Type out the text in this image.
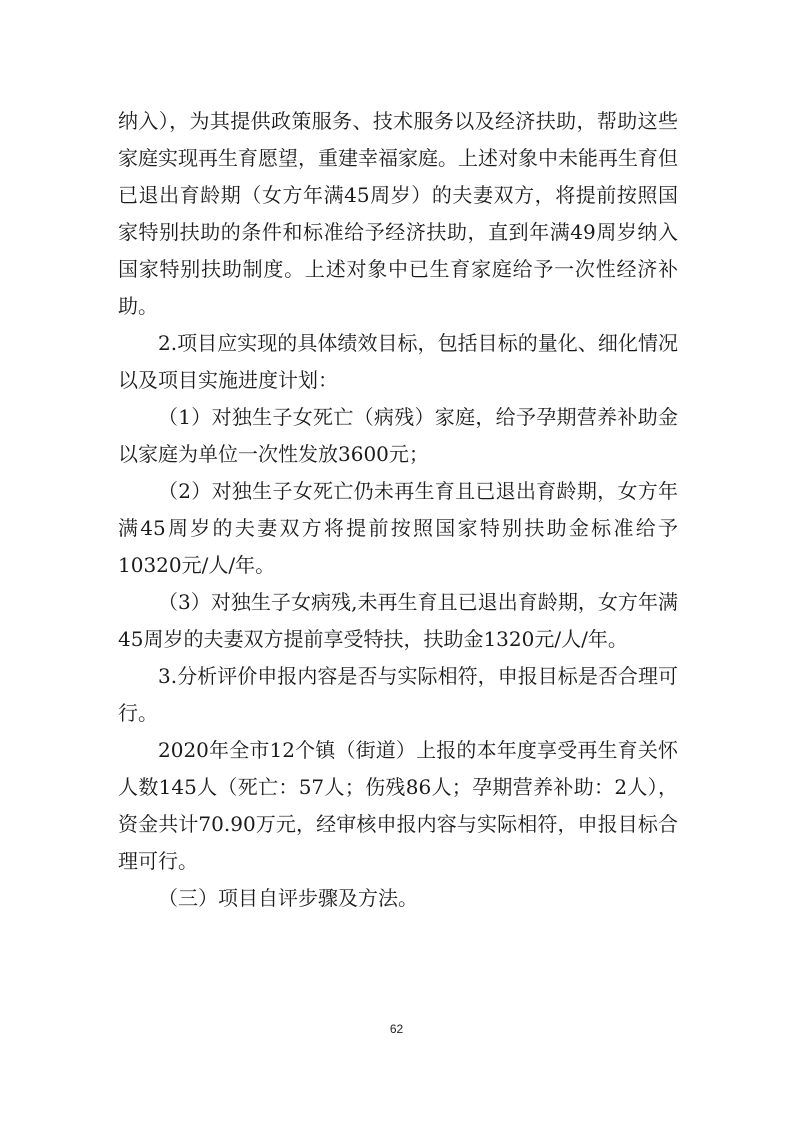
纳入），为其提供政策服务、技术服务以及经济扶助，帮助这些家庭实现再生育愿望，重建幸福家庭。上述对象中未能再生育但已退出育龄期（女方年满45周岁）的夫妻双方，将提前按照国家特别扶助的条件和标准给予经济扶助，直到年满49周岁纳入国家特别扶助制度。上述对象中已生育家庭给予一次性经济补助。

2.项目应实现的具体绩效目标，包括目标的量化、细化情况以及项目实施进度计划：

（1）对独生子女死亡（病残）家庭，给予孕期营养补助金以家庭为单位一次性发放3600元；

（2）对独生子女死亡仍未再生育且已退出育龄期，女方年满45周岁的夫妻双方将提前按照国家特别扶助金标准给予10320元/人/年。

（3）对独生子女病残,未再生育且已退出育龄期，女方年满45周岁的夫妻双方提前享受特扶，扶助金1320元/人/年。

3.分析评价申报内容是否与实际相符，申报目标是否合理可行。

2020年全市12个镇（街道）上报的本年度享受再生育关怀人数145人（死亡：57人；伤残86人；孕期营养补助：2人），资金共计70.90万元，经审核申报内容与实际相符，申报目标合理可行。

（三）项目自评步骤及方法。

62
